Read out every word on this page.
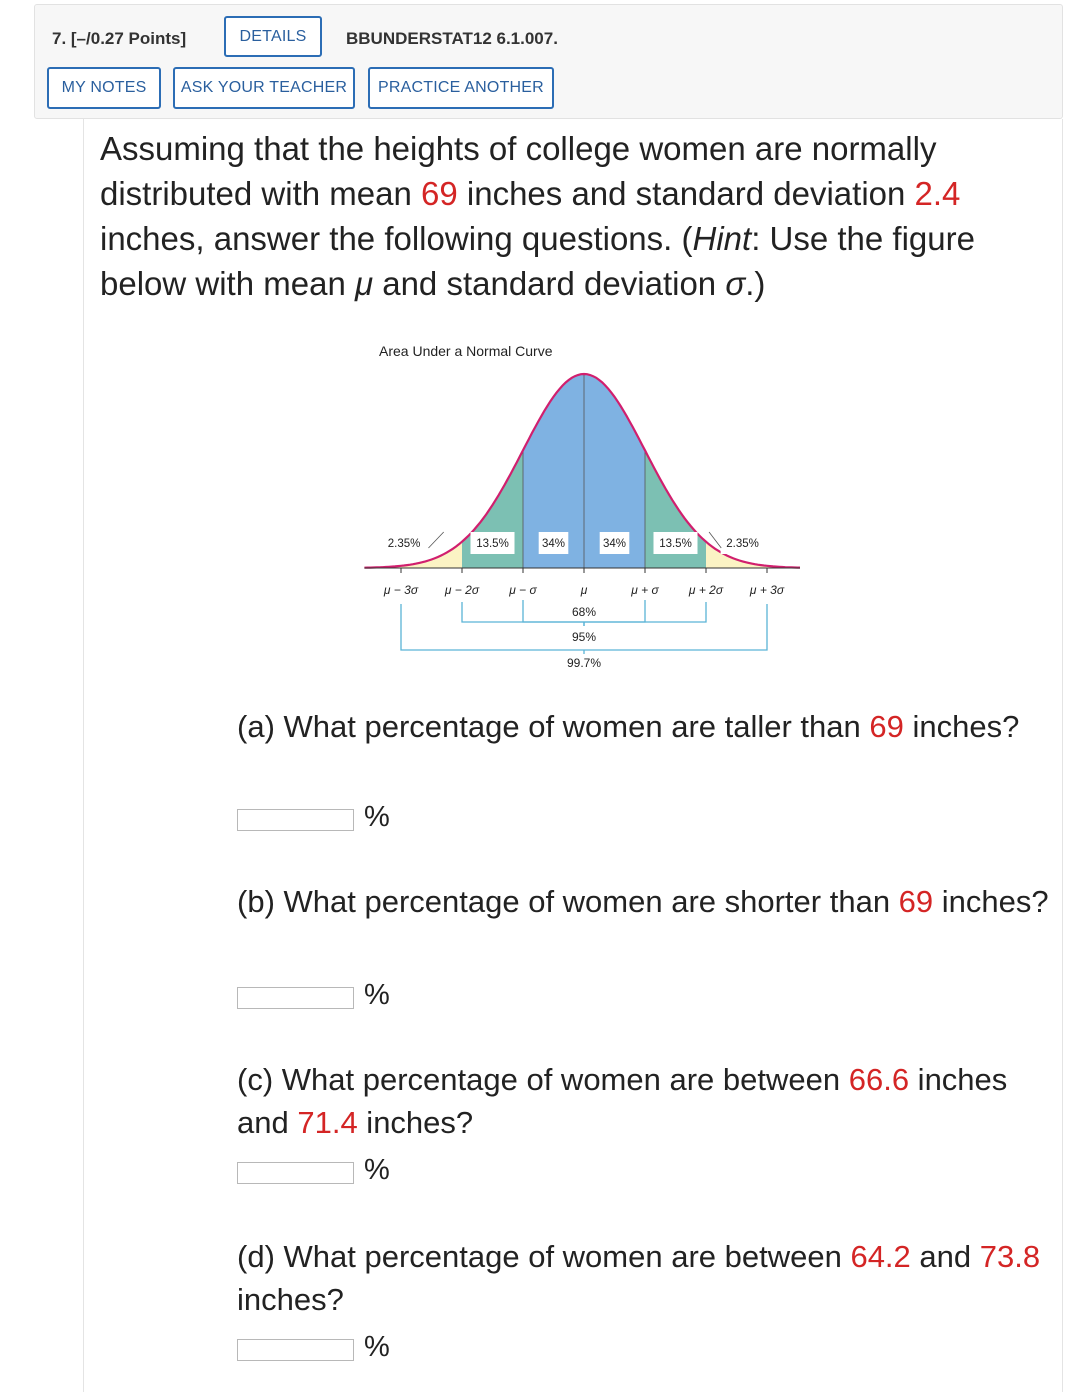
7. [–/0.27 Points]	DETAILS	BBUNDERSTAT12 6.1.007.
MY NOTES	ASK YOUR TEACHER	PRACTICE ANOTHER
Assuming that the heights of college women are normally distributed with mean 69 inches and standard deviation 2.4 inches, answer the following questions. (Hint: Use the figure below with mean μ and standard deviation σ.)
Area Under a Normal Curve
2.35%	13.5%	34%	34%	13.5%	2.35%
μ − 3σ μ − 2σ	μ − σ	μ	μ + σ	μ + 2σ μ + 3σ
68%
95%
99.7%
(a) What percentage of women are taller than 69 inches?
%
(b) What percentage of women are shorter than 69 inches?
%
(c) What percentage of women are between 66.6 inches and 71.4 inches?
%
(d) What percentage of women are between 64.2 and 73.8 inches?
%
